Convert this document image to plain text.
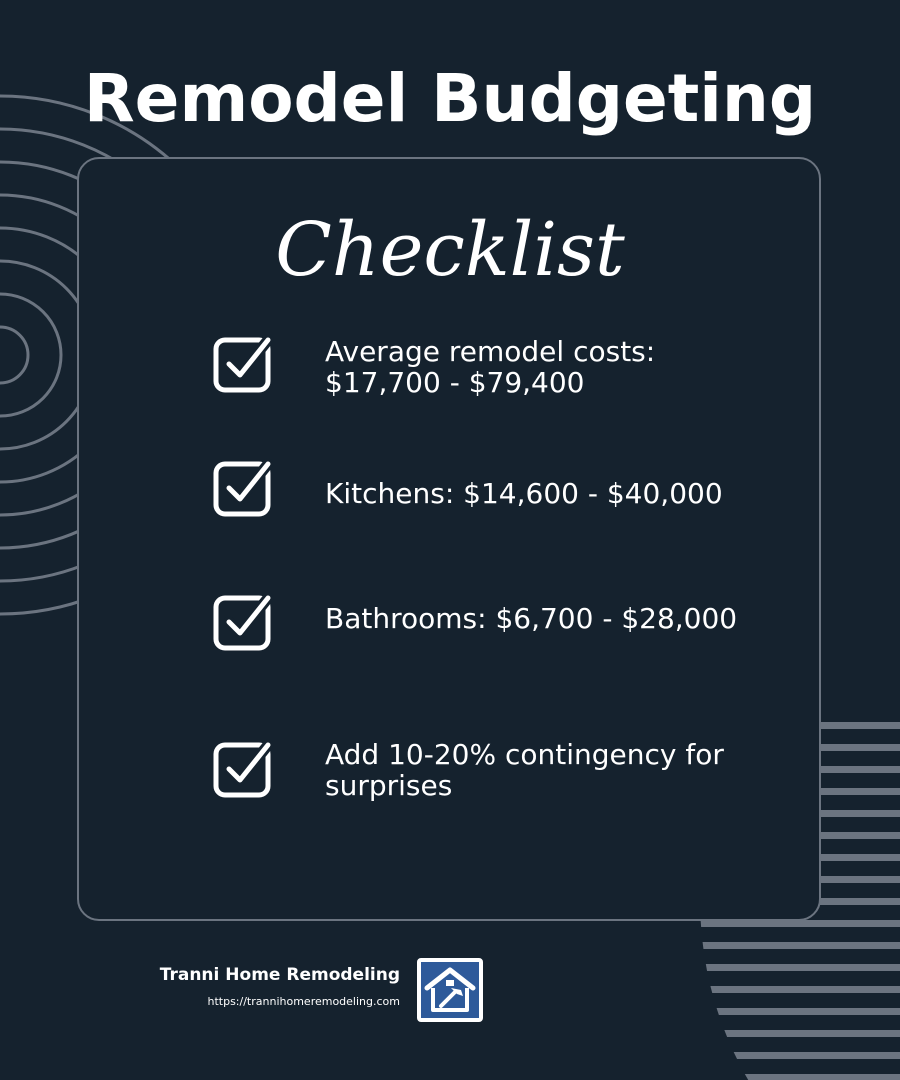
Remodel Budgeting
Checklist
Average remodel costs:
$17,700 - $79,400
Kitchens: $14,600 - $40,000
Bathrooms: $6,700 - $28,000
Add 10-20% contingency for
surprises
Tranni Home Remodeling
https://trannihomeremodeling.com
